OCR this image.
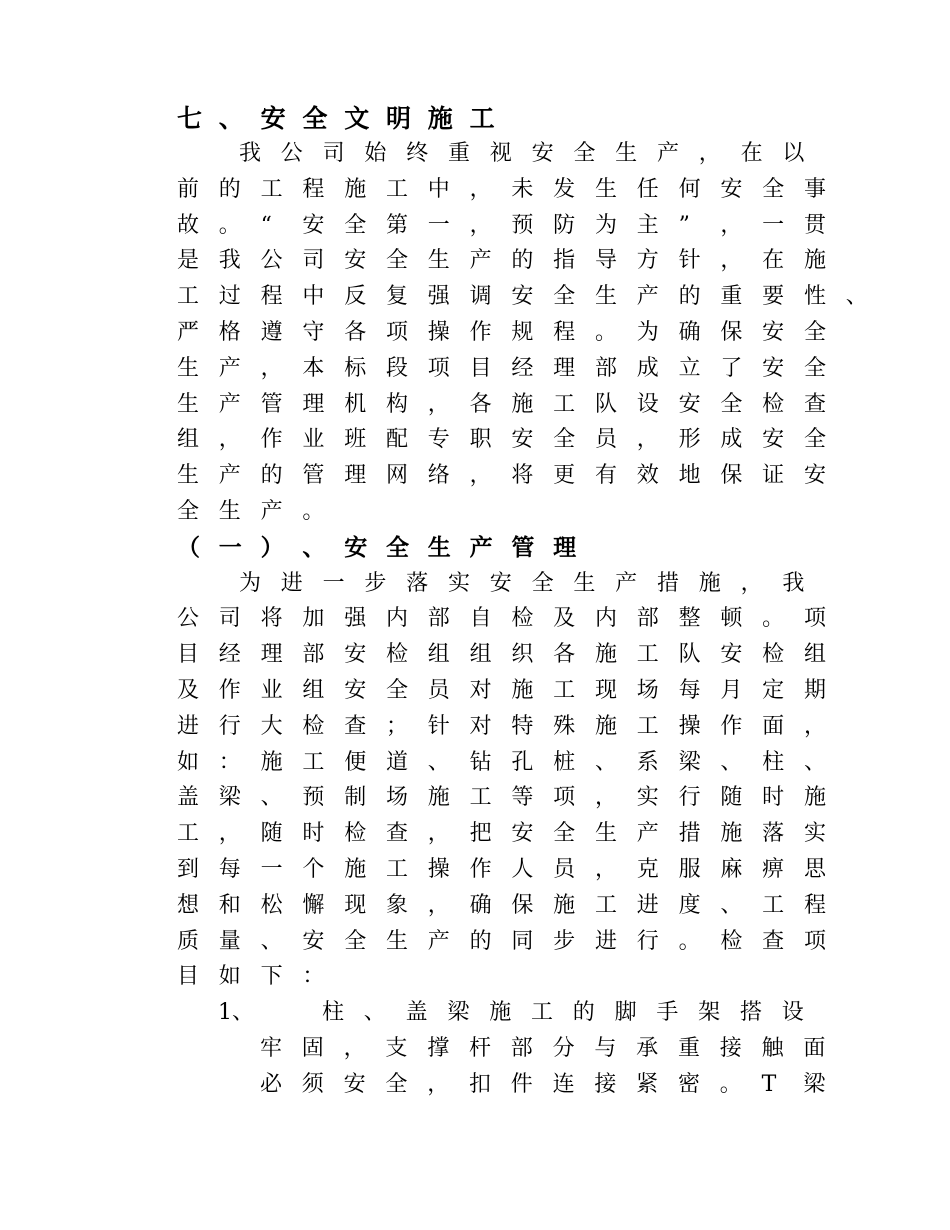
七 、 安 全 文 明 施 工
我 公 司 始 终 重 视 安 全 生 产 ， 在 以
前 的 工 程 施 工 中 ， 未 发 生 任 何 安 全 事
故 。 “ 安 全 第 一 ， 预 防 为 主 ” ， 一 贯
是 我 公 司 安 全 生 产 的 指 导 方 针 ， 在 施
工 过 程 中 反 复 强 调 安 全 生 产 的 重 要 性 、
严 格 遵 守 各 项 操 作 规 程 。 为 确 保 安 全
生 产 ， 本 标 段 项 目 经 理 部 成 立 了 安 全
生 产 管 理 机 构 ， 各 施 工 队 设 安 全 检 查
组 ， 作 业 班 配 专 职 安 全 员 ， 形 成 安 全
生 产 的 管 理 网 络 ， 将 更 有 效 地 保 证 安
全 生 产 。
（ 一 ） 、 安 全 生 产 管 理
为 进 一 步 落 实 安 全 生 产 措 施 ， 我
公 司 将 加 强 内 部 自 检 及 内 部 整 顿 。 项
目 经 理 部 安 检 组 组 织 各 施 工 队 安 检 组
及 作 业 组 安 全 员 对 施 工 现 场 每 月 定 期
进 行 大 检 查 ； 针 对 特 殊 施 工 操 作 面 ，
如 ： 施 工 便 道 、 钻 孔 桩 、 系 梁 、 柱 、
盖 梁 、 预 制 场 施 工 等 项 ， 实 行 随 时 施
工 ， 随 时 检 查 ， 把 安 全 生 产 措 施 落 实
到 每 一 个 施 工 操 作 人 员 ， 克 服 麻 痹 思
想 和 松 懈 现 象 ， 确 保 施 工 进 度 、 工 程
质 量 、 安 全 生 产 的 同 步 进 行 。 检 查 项
目 如 下 ：
1、	柱 、 盖 梁 施 工 的 脚 手 架 搭 设
牢 固 ， 支 撑 杆 部 分 与 承 重 接 触 面
必 须 安 全 ， 扣 件 连 接 紧 密 。 T 梁
